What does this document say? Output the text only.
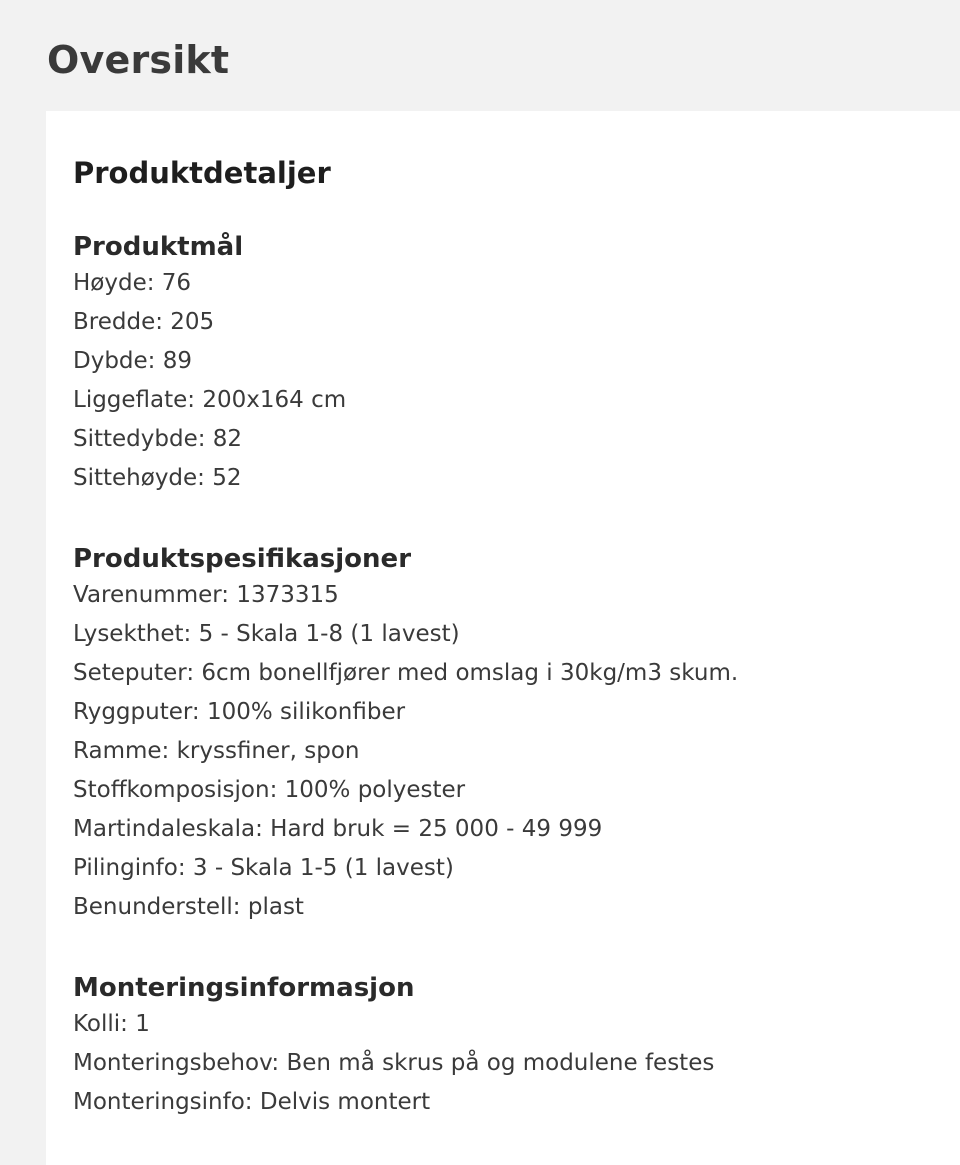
Oversikt
Produktdetaljer
Produktmål
Høyde: 76
Bredde: 205
Dybde: 89
Liggeflate: 200x164 cm
Sittedybde: 82
Sittehøyde: 52
Produktspesifikasjoner
Varenummer: 1373315
Lysekthet: 5 - Skala 1-8 (1 lavest)
Seteputer: 6cm bonellfjører med omslag i 30kg/m3 skum.
Ryggputer: 100% silikonfiber
Ramme: kryssfiner, spon
Stoffkomposisjon: 100% polyester
Martindaleskala: Hard bruk = 25 000 - 49 999
Pilinginfo: 3 - Skala 1-5 (1 lavest)
Benunderstell: plast
Monteringsinformasjon
Kolli: 1
Monteringsbehov: Ben må skrus på og modulene festes
Monteringsinfo: Delvis montert
